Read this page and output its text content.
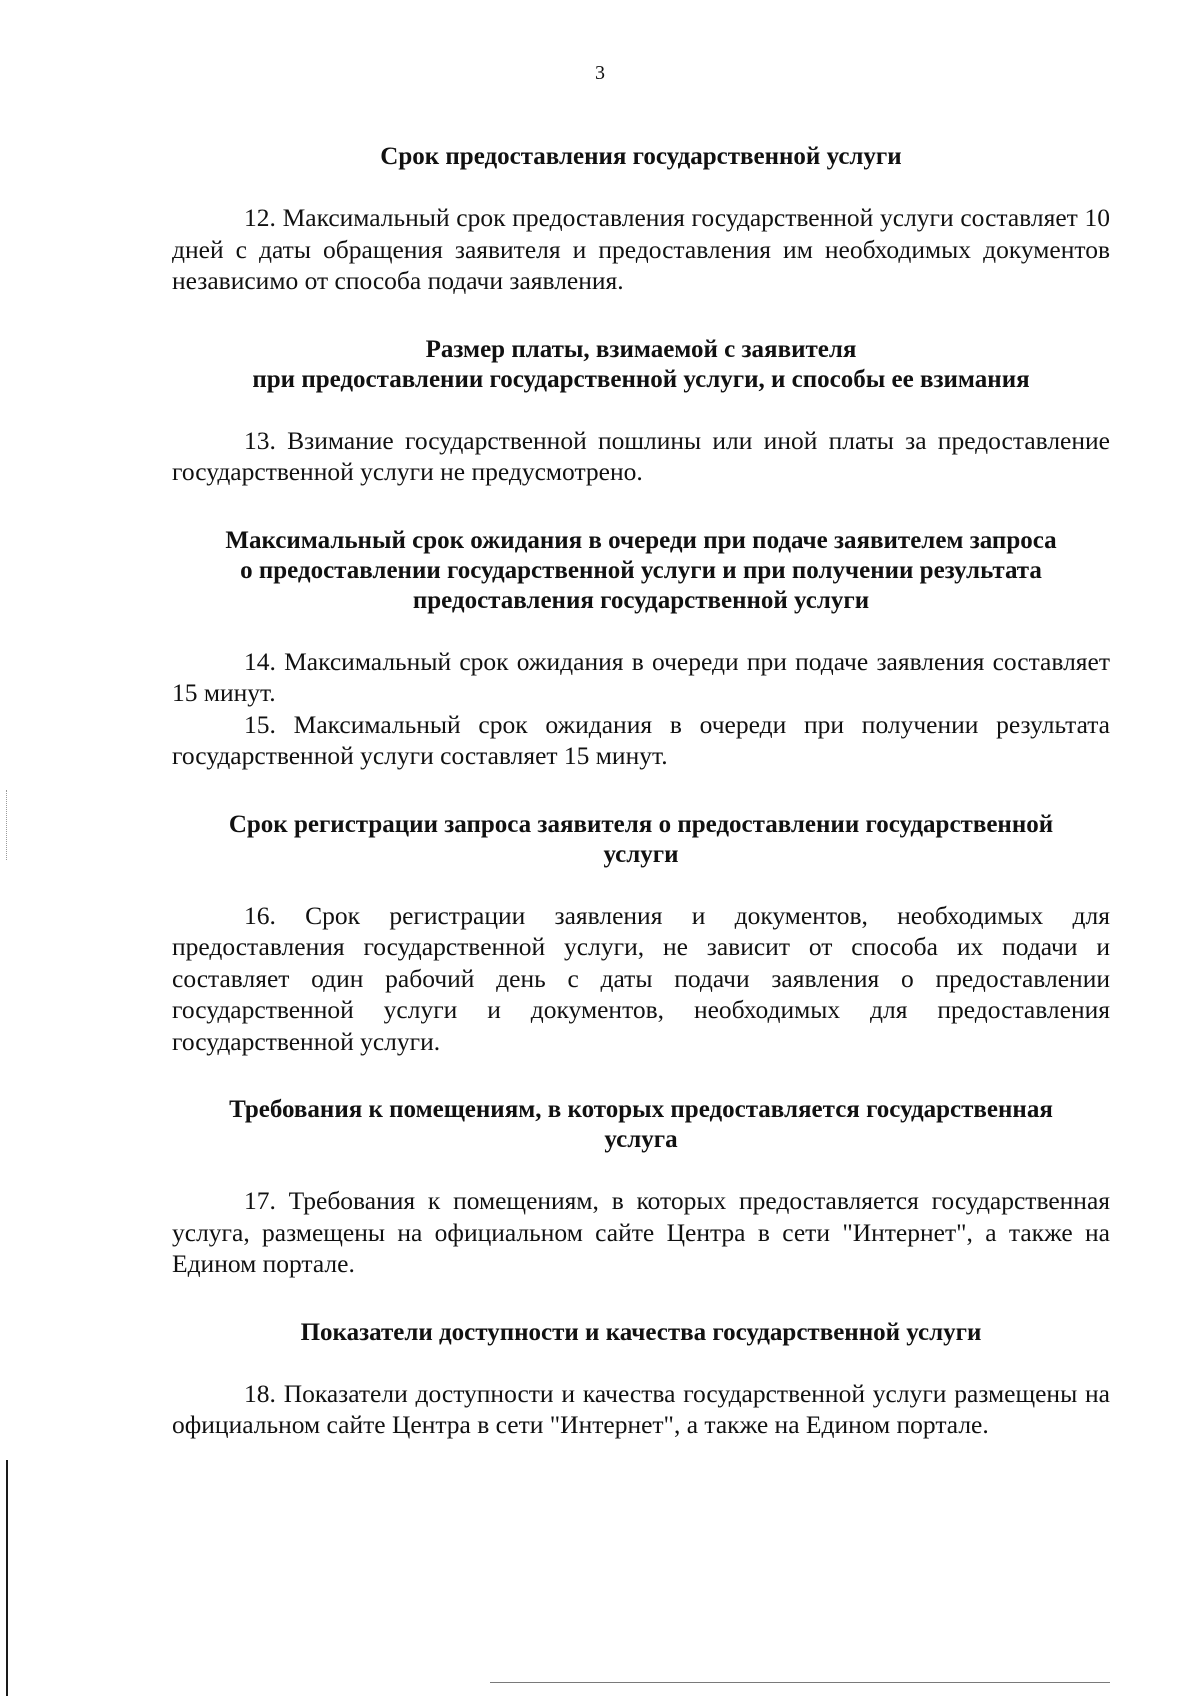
3

Срок предоставления государственной услуги

12. Максимальный срок предоставления государственной услуги составляет 10 дней с даты обращения заявителя и предоставления им необходимых документов независимо от способа подачи заявления.

Размер платы, взимаемой с заявителя
при предоставлении государственной услуги, и способы ее взимания

13. Взимание государственной пошлины или иной платы за предоставление государственной услуги не предусмотрено.

Максимальный срок ожидания в очереди при подаче заявителем запроса
о предоставлении государственной услуги и при получении результата
предоставления государственной услуги

14. Максимальный срок ожидания в очереди при подаче заявления составляет 15 минут.

15. Максимальный срок ожидания в очереди при получении результата государственной услуги составляет 15 минут.

Срок регистрации запроса заявителя о предоставлении государственной
услуги

16. Срок регистрации заявления и документов, необходимых для предоставления государственной услуги, не зависит от способа их подачи и составляет один рабочий день с даты подачи заявления о предоставлении государственной услуги и документов, необходимых для предоставления государственной услуги.

Требования к помещениям, в которых предоставляется государственная
услуга

17. Требования к помещениям, в которых предоставляется государственная услуга, размещены на официальном сайте Центра в сети "Интернет", а также на Едином портале.

Показатели доступности и качества государственной услуги

18. Показатели доступности и качества государственной услуги размещены на официальном сайте Центра в сети "Интернет", а также на Едином портале.
